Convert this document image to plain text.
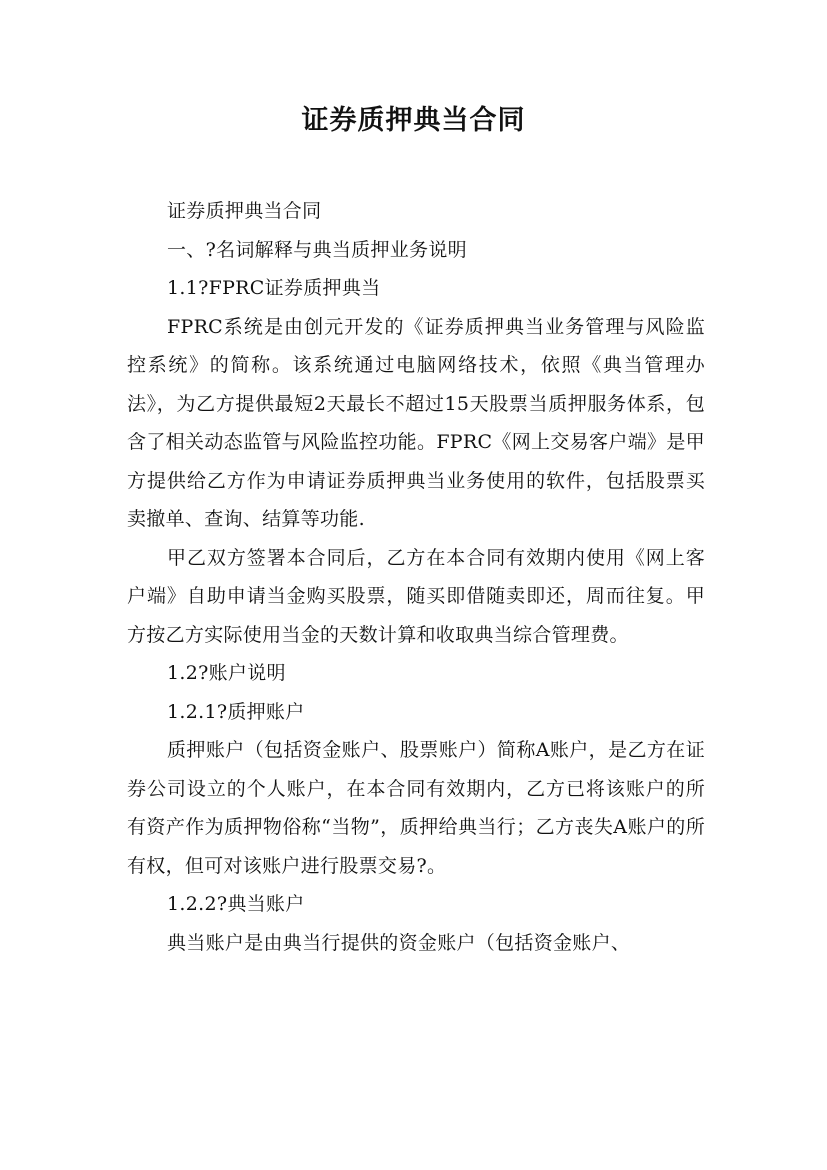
证券质押典当合同

证券质押典当合同

一、?名词解释与典当质押业务说明

1.1?FPRC证券质押典当

FPRC系统是由创元开发的《证券质押典当业务管理与风险监控系统》的简称。该系统通过电脑网络技术，依照《典当管理办法》，为乙方提供最短2天最长不超过15天股票当质押服务体系，包含了相关动态监管与风险监控功能。FPRC《网上交易客户端》是甲方提供给乙方作为申请证券质押典当业务使用的软件，包括股票买卖撤单、查询、结算等功能.

甲乙双方签署本合同后，乙方在本合同有效期内使用《网上客户端》自助申请当金购买股票，随买即借随卖即还，周而往复。甲方按乙方实际使用当金的天数计算和收取典当综合管理费。

1.2?账户说明

1.2.1?质押账户

质押账户（包括资金账户、股票账户）简称A账户，是乙方在证券公司设立的个人账户，在本合同有效期内，乙方已将该账户的所有资产作为质押物俗称“当物”，质押给典当行；乙方丧失A账户的所有权，但可对该账户进行股票交易?。

1.2.2?典当账户

典当账户是由典当行提供的资金账户（包括资金账户、
